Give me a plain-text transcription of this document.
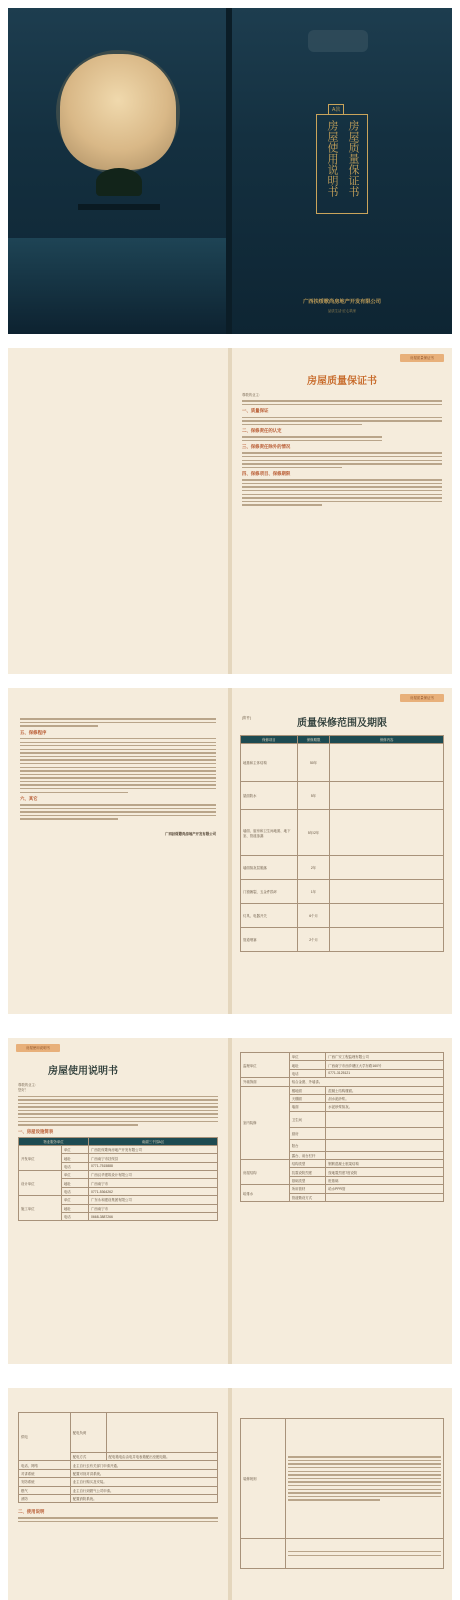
A款
房屋质量保证书
房屋使用说明书
广西扶绥歌尚房地产开发有限公司
品质生活·匠心筑家
房屋质量保证书
房屋质量保证书
尊敬的业主：
一、质量保证
二、保修责任的认定
三、保修责任除外的情况
四、保修项目、保修期限
五、保修程序
六、其它
广西扶绥歌尚房地产开发有限公司
房屋质量保证书
(附件)	质量保修范围及期限
保修项目	保修期限	保修内容
地基和主体结构	50年	
屋面防水	5年	
墙面、厨房和卫生间地面、地下室、管道渗漏	5年/2年	
墙面抹灰层脱落	2年	
门窗翘裂、五金件损坏	1年	
灯具、电器开关	6个月	
管道堵塞	2个月	
房屋使用说明书
房屋使用说明书
尊敬的业主：
您好！
一、房屋设施简表
物业服务单位		南湖三千园A区
开发单位	单位	广西扶绥歌尚房地产开发有限公司
	地址	广西南宁市扶绥县
	电话	0771-7515888
设计单位	单位	广西汉华建筑设计有限公司
	地址	广西南宁市
	电话	0771-5364262
施工单位	单位	广东永和建设集团有限公司
	地址	广西南宁市
	电话	0668-3887266
监理单位	单位	广西广安工程监理有限公司
	地址	广西南宁市西乡塘区大学东路160号
	电话	0771-3125121
外墙饰面	铝合金窗、外墙漆。	
室内装修	楼地面	混凝土结构楼面。
	天棚面	刮水泥砂浆。
	墙面	水泥砂浆抹灰。
	卫生间	
	厨房	
	阳台	
	露台、前台栏杆	
房屋结构	结构类型	钢筋混凝土框架结构
	抗震设防烈度	按地震烈度7度设防
	基础类型	桩基础
给排水	所用管材	给水PPR管
	管道敷设方式	
供电	配电负荷	
	配电方式	配电箱电由由电井电表箱配出至配电箱。
电话、网络	业主自行去有关部门申请开通。	
对讲系统	配置可视对讲系统。	
安防系统	业主自行购买及安装。	
燃气	业主自行到燃气公司申请。	
消防	配置消防系统。	
二、使用说明
装修规则	
